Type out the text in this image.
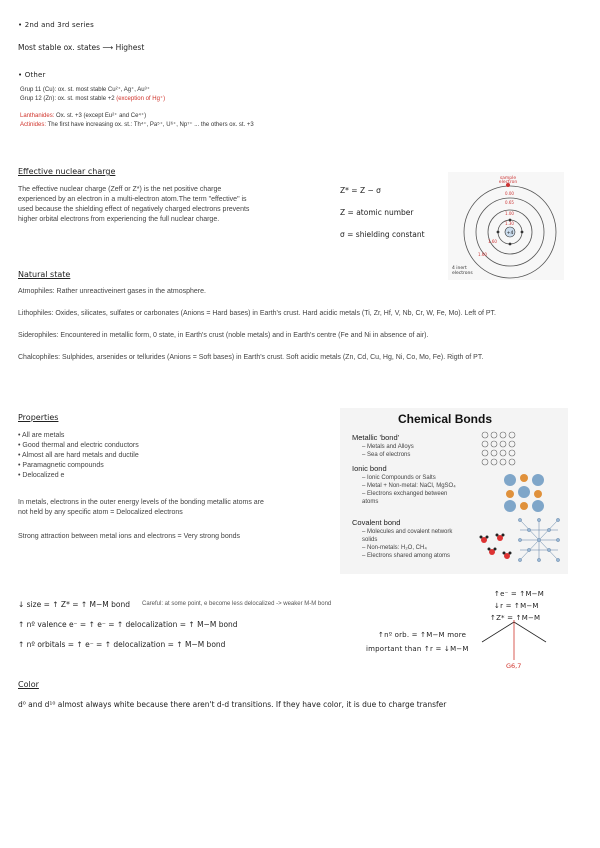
• 2nd and 3rd series
Most stable ox. states ⟶ Highest
• Other
Grup 11 (Cu): ox. st. most stable Cu²⁺, Ag⁺, Au³⁺
Grup 12 (Zn): ox. st. most stable +2 (exception of Hg⁺)
Lanthanides: Ox. st. +3 (except Eu²⁺ and Ce⁴⁺)
Actinides: The first have increasing ox. st.: Th⁴⁺, Pa⁵⁺, U⁶⁺, Np⁷⁺ ... the others ox. st. +3
Effective nuclear charge
The effective nuclear charge (Zeff or Z*) is the net positive charge
experienced by an electron in a multi-electron atom.The term "effective" is
used because the shielding effect of negatively charged electrons prevents
higher orbital electrons from experiencing the full nuclear charge.
Z* = Z − σ
Z = atomic number
σ = shielding constant	+4
sample
electron
0.00
0.65
1.00
1.30
1.60
1.60
4 inert
electrons
Natural state
Atmophiles: Rather unreactiveinert gases in the atmosphere.
Lithophiles: Oxides, silicates, sulfates or carbonates (Anions = Hard bases) in Earth's crust. Hard acidic metals (Ti, Zr, Hf, V, Nb, Cr, W, Fe, Mo). Left of PT.
Siderophiles: Encountered in metallic form, 0 state, in Earth's crust (noble metals) and in Earth's centre (Fe and Ni in absence of air).
Chalcophiles: Sulphides, arsenides or tellurides (Anions = Soft bases) in Earth's crust. Soft acidic metals (Zn, Cd, Cu, Hg, Ni, Co, Mo, Fe). Rigth of PT.
Properties
• All are metals
• Good thermal and electric conductors
• Almost all are hard metals and ductile
• Paramagnetic compounds
• Delocalized e
In metals, electrons in the outer energy levels of the bonding metallic atoms are
not held by any specific atom = Delocalized electrons
Strong attraction between metal ions and electrons = Very strong bonds
Chemical Bonds
Metallic 'bond'
– Metals and Alloys
– Sea of electrons
Ionic bond
– Ionic Compounds or Salts
– Metal + Non-metal: NaCl, MgSO₄
– Electrons exchanged between
atoms
Covalent bond
– Molecules and covalent network
solids
– Non-metals: H₂O, CH₄
– Electrons shared among atoms
↓ size = ↑ Z* = ↑ M−M bond Careful: at some point, e become less delocalized -> weaker M-M bond
↑ nº valence e⁻ = ↑ e⁻ = ↑ delocalization = ↑ M−M bond
↑ nº orbitals = ↑ e⁻ = ↑ delocalization = ↑ M−M bond
↑e⁻ = ↑M−M
↓r = ↑M−M
↑Z* = ↑M−M
↑nº orb. = ↑M−M more
important than ↑r = ↓M−M
G6,7
Color
d⁰ and d¹⁰ almost always white because there aren't d-d transitions. If they have color, it is due to charge transfer
